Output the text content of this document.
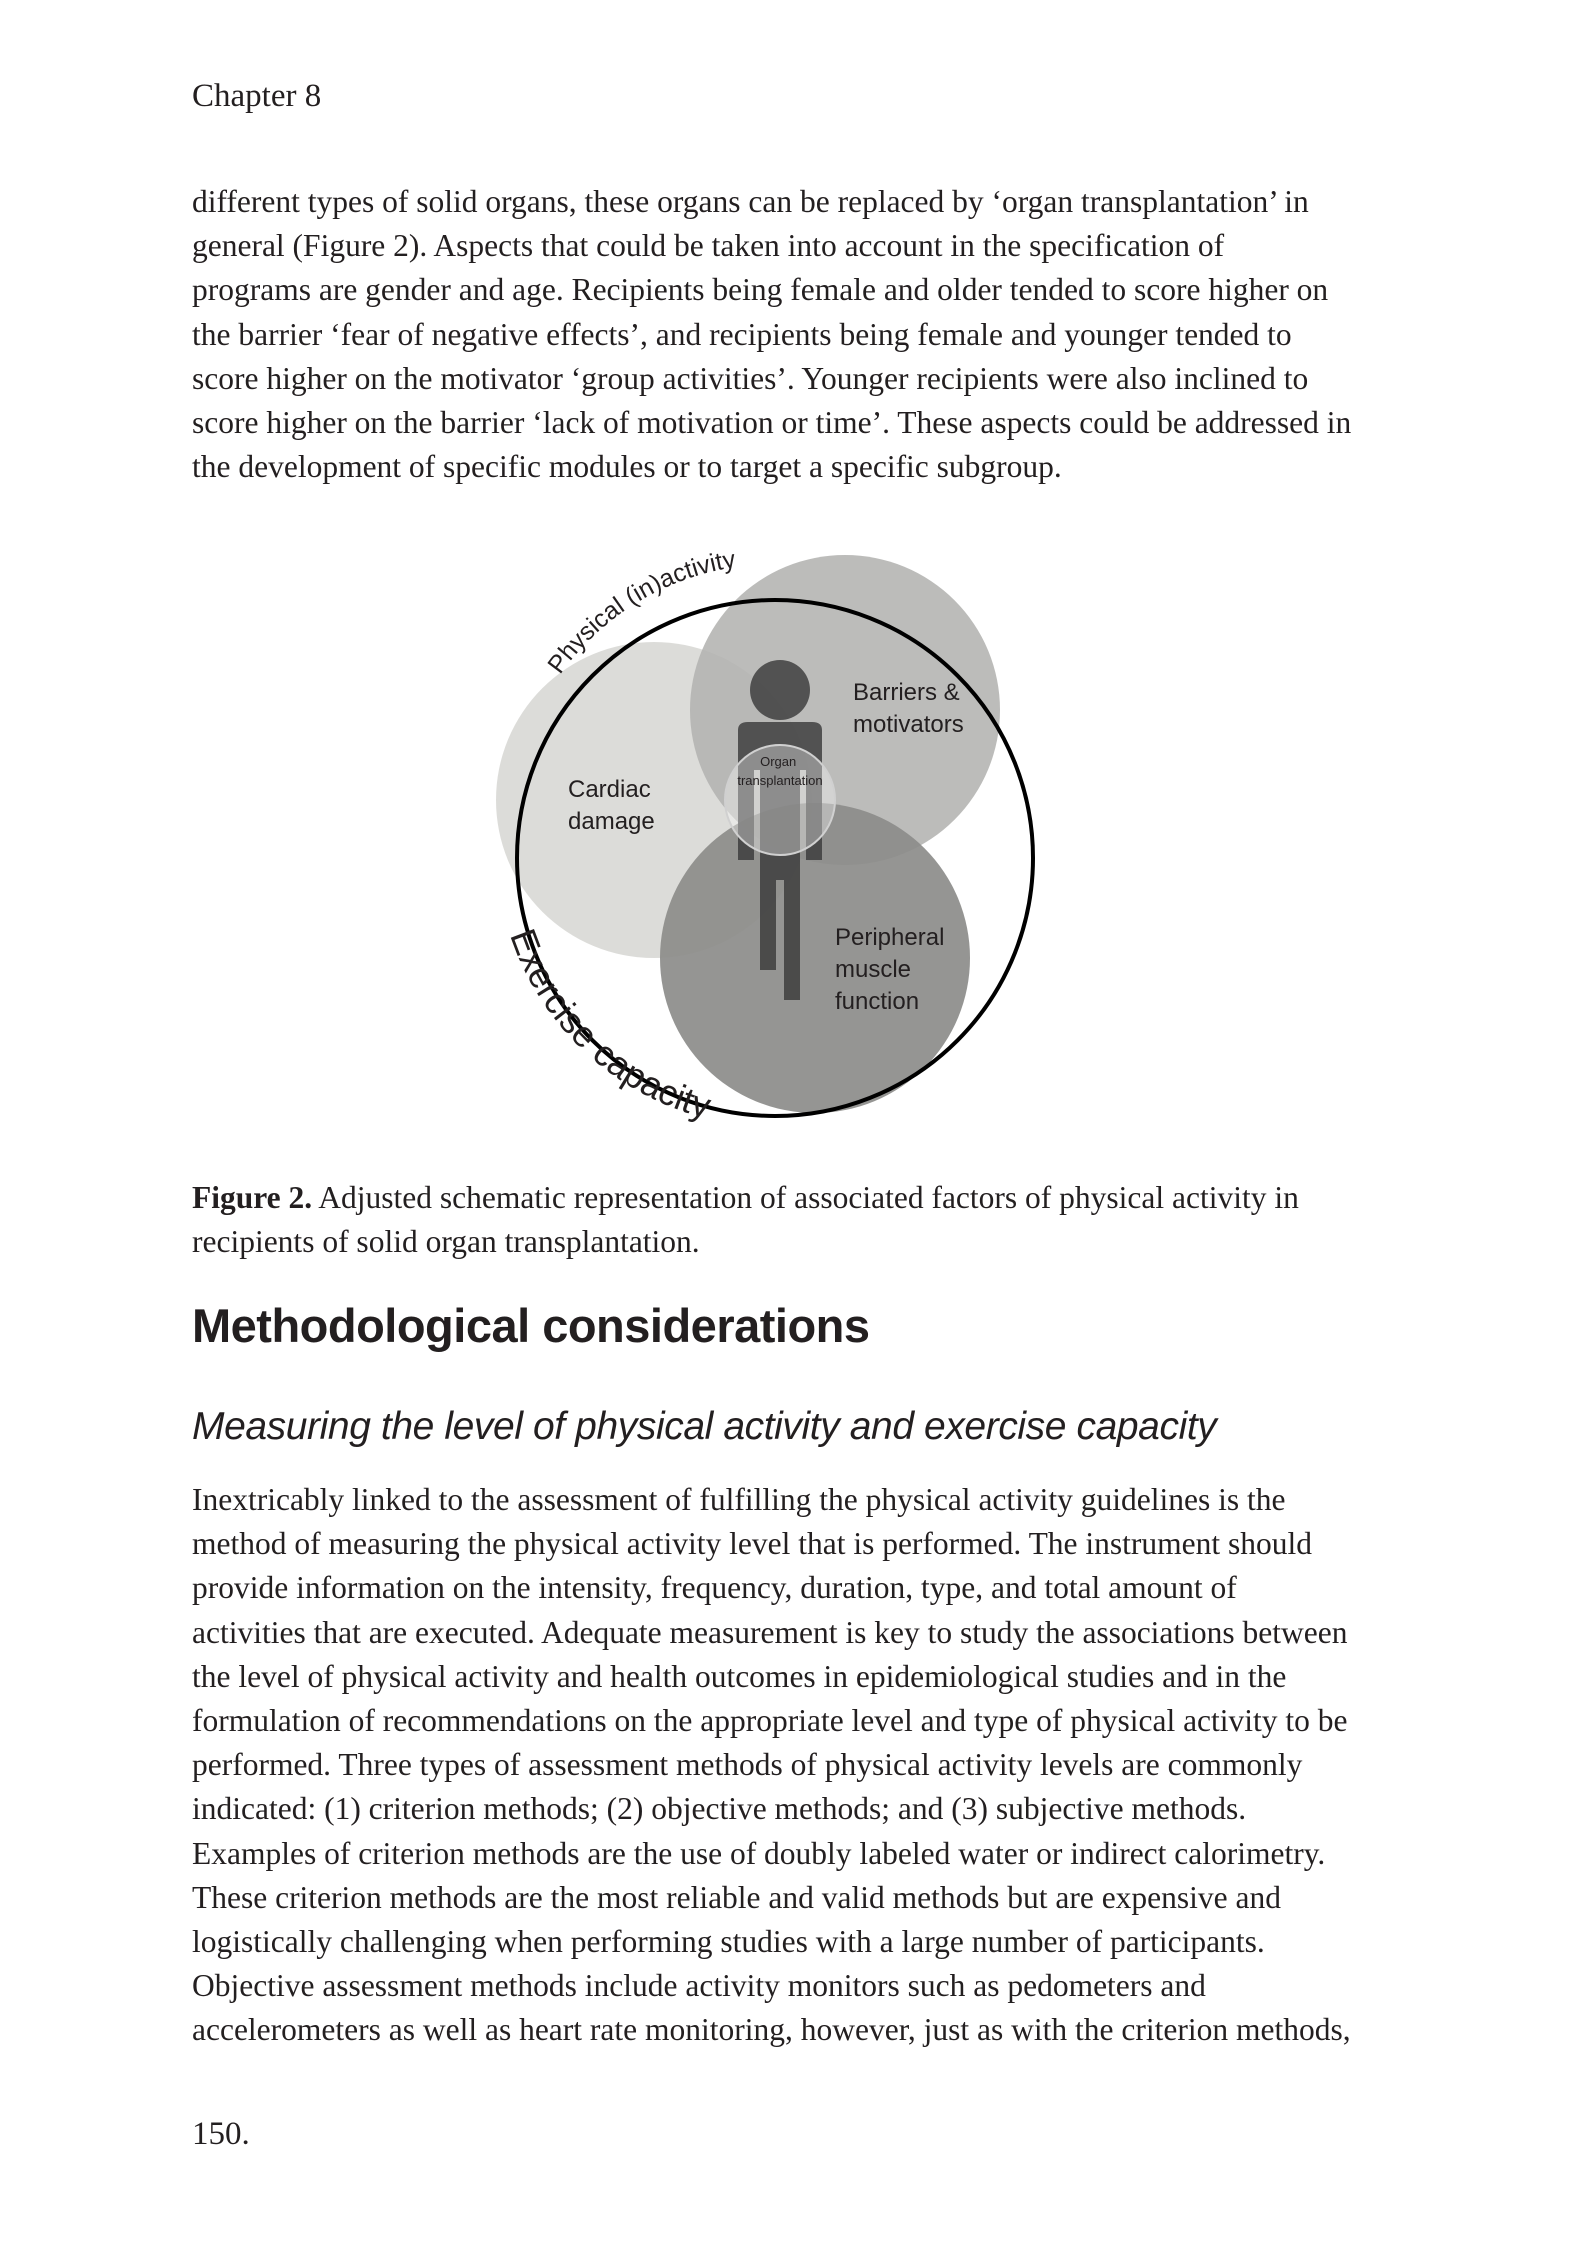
Chapter 8

different types of solid organs, these organs can be replaced by ‘organ transplantation’ in
general (Figure 2). Aspects that could be taken into account in the specification of
programs are gender and age. Recipients being female and older tended to score higher on
the barrier ‘fear of negative effects’, and recipients being female and younger tended to
score higher on the motivator ‘group activities’. Younger recipients were also inclined to
score higher on the barrier ‘lack of motivation or time’. These aspects could be addressed in
the development of specific modules or to target a specific subgroup.

Physical (in)activity
Exercise capacity
Cardiac damage
Barriers & motivators
Peripheral muscle function
Organ transplantation

Figure 2. Adjusted schematic representation of associated factors of physical activity in
recipients of solid organ transplantation.

Methodological considerations
Measuring the level of physical activity and exercise capacity

Inextricably linked to the assessment of fulfilling the physical activity guidelines is the
method of measuring the physical activity level that is performed. The instrument should
provide information on the intensity, frequency, duration, type, and total amount of
activities that are executed. Adequate measurement is key to study the associations between
the level of physical activity and health outcomes in epidemiological studies and in the
formulation of recommendations on the appropriate level and type of physical activity to be
performed. Three types of assessment methods of physical activity levels are commonly
indicated: (1) criterion methods; (2) objective methods; and (3) subjective methods.
Examples of criterion methods are the use of doubly labeled water or indirect calorimetry.
These criterion methods are the most reliable and valid methods but are expensive and
logistically challenging when performing studies with a large number of participants.
Objective assessment methods include activity monitors such as pedometers and
accelerometers as well as heart rate monitoring, however, just as with the criterion methods,

150.
